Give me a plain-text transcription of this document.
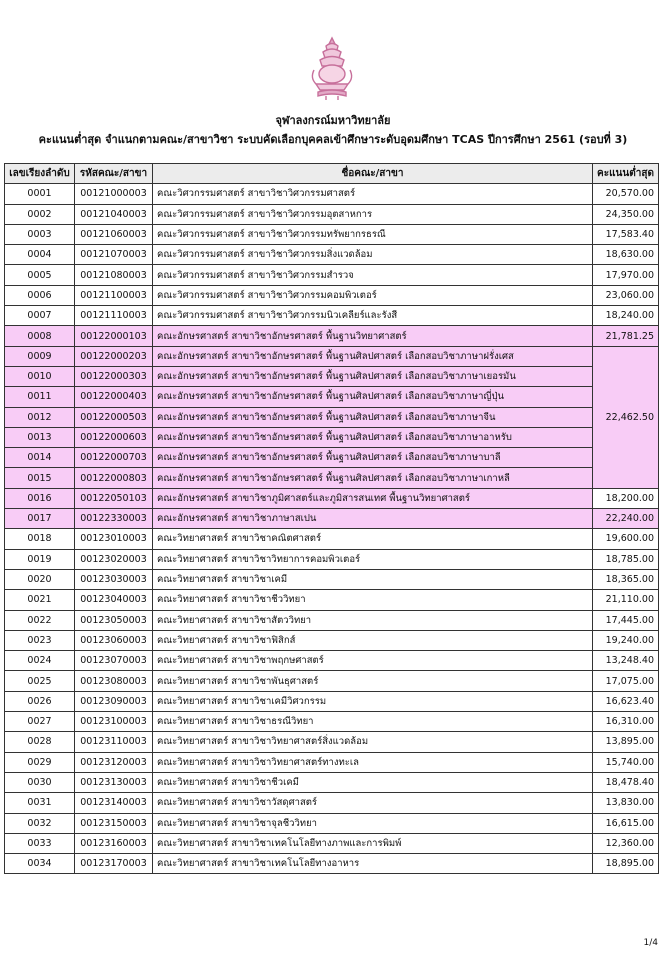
จุฬาลงกรณ์มหาวิทยาลัย
คะแนนต่ำสุด จำแนกตามคณะ/สาขาวิชา ระบบคัดเลือกบุคคลเข้าศึกษาระดับอุดมศึกษา TCAS ปีการศึกษา 2561 (รอบที่ 3)
เลขเรียงลำดับ	รหัสคณะ/สาขา	ชื่อคณะ/สาขา	คะแนนต่ำสุด
0001	00121000003	คณะวิศวกรรมศาสตร์ สาขาวิชาวิศวกรรมศาสตร์	20,570.00
0002	00121040003	คณะวิศวกรรมศาสตร์ สาขาวิชาวิศวกรรมอุตสาหการ	24,350.00
0003	00121060003	คณะวิศวกรรมศาสตร์ สาขาวิชาวิศวกรรมทรัพยากรธรณี	17,583.40
0004	00121070003	คณะวิศวกรรมศาสตร์ สาขาวิชาวิศวกรรมสิ่งแวดล้อม	18,630.00
0005	00121080003	คณะวิศวกรรมศาสตร์ สาขาวิชาวิศวกรรมสำรวจ	17,970.00
0006	00121100003	คณะวิศวกรรมศาสตร์ สาขาวิชาวิศวกรรมคอมพิวเตอร์	23,060.00
0007	00121110003	คณะวิศวกรรมศาสตร์ สาขาวิชาวิศวกรรมนิวเคลียร์และรังสี	18,240.00
0008	00122000103	คณะอักษรศาสตร์ สาขาวิชาอักษรศาสตร์ พื้นฐานวิทยาศาสตร์	21,781.25
0009	00122000203	คณะอักษรศาสตร์ สาขาวิชาอักษรศาสตร์ พื้นฐานศิลปศาสตร์ เลือกสอบวิชาภาษาฝรั่งเศส	22,462.50
0010	00122000303	คณะอักษรศาสตร์ สาขาวิชาอักษรศาสตร์ พื้นฐานศิลปศาสตร์ เลือกสอบวิชาภาษาเยอรมัน	
0011	00122000403	คณะอักษรศาสตร์ สาขาวิชาอักษรศาสตร์ พื้นฐานศิลปศาสตร์ เลือกสอบวิชาภาษาญี่ปุ่น	
0012	00122000503	คณะอักษรศาสตร์ สาขาวิชาอักษรศาสตร์ พื้นฐานศิลปศาสตร์ เลือกสอบวิชาภาษาจีน	
0013	00122000603	คณะอักษรศาสตร์ สาขาวิชาอักษรศาสตร์ พื้นฐานศิลปศาสตร์ เลือกสอบวิชาภาษาอาหรับ	
0014	00122000703	คณะอักษรศาสตร์ สาขาวิชาอักษรศาสตร์ พื้นฐานศิลปศาสตร์ เลือกสอบวิชาภาษาบาลี	
0015	00122000803	คณะอักษรศาสตร์ สาขาวิชาอักษรศาสตร์ พื้นฐานศิลปศาสตร์ เลือกสอบวิชาภาษาเกาหลี	
0016	00122050103	คณะอักษรศาสตร์ สาขาวิชาภูมิศาสตร์และภูมิสารสนเทศ พื้นฐานวิทยาศาสตร์	18,200.00
0017	00122330003	คณะอักษรศาสตร์ สาขาวิชาภาษาสเปน	22,240.00
0018	00123010003	คณะวิทยาศาสตร์ สาขาวิชาคณิตศาสตร์	19,600.00
0019	00123020003	คณะวิทยาศาสตร์ สาขาวิชาวิทยาการคอมพิวเตอร์	18,785.00
0020	00123030003	คณะวิทยาศาสตร์ สาขาวิชาเคมี	18,365.00
0021	00123040003	คณะวิทยาศาสตร์ สาขาวิชาชีววิทยา	21,110.00
0022	00123050003	คณะวิทยาศาสตร์ สาขาวิชาสัตววิทยา	17,445.00
0023	00123060003	คณะวิทยาศาสตร์ สาขาวิชาฟิสิกส์	19,240.00
0024	00123070003	คณะวิทยาศาสตร์ สาขาวิชาพฤกษศาสตร์	13,248.40
0025	00123080003	คณะวิทยาศาสตร์ สาขาวิชาพันธุศาสตร์	17,075.00
0026	00123090003	คณะวิทยาศาสตร์ สาขาวิชาเคมีวิศวกรรม	16,623.40
0027	00123100003	คณะวิทยาศาสตร์ สาขาวิชาธรณีวิทยา	16,310.00
0028	00123110003	คณะวิทยาศาสตร์ สาขาวิชาวิทยาศาสตร์สิ่งแวดล้อม	13,895.00
0029	00123120003	คณะวิทยาศาสตร์ สาขาวิชาวิทยาศาสตร์ทางทะเล	15,740.00
0030	00123130003	คณะวิทยาศาสตร์ สาขาวิชาชีวเคมี	18,478.40
0031	00123140003	คณะวิทยาศาสตร์ สาขาวิชาวัสดุศาสตร์	13,830.00
0032	00123150003	คณะวิทยาศาสตร์ สาขาวิชาจุลชีววิทยา	16,615.00
0033	00123160003	คณะวิทยาศาสตร์ สาขาวิชาเทคโนโลยีทางภาพและการพิมพ์	12,360.00
0034	00123170003	คณะวิทยาศาสตร์ สาขาวิชาเทคโนโลยีทางอาหาร	18,895.00
1/4
